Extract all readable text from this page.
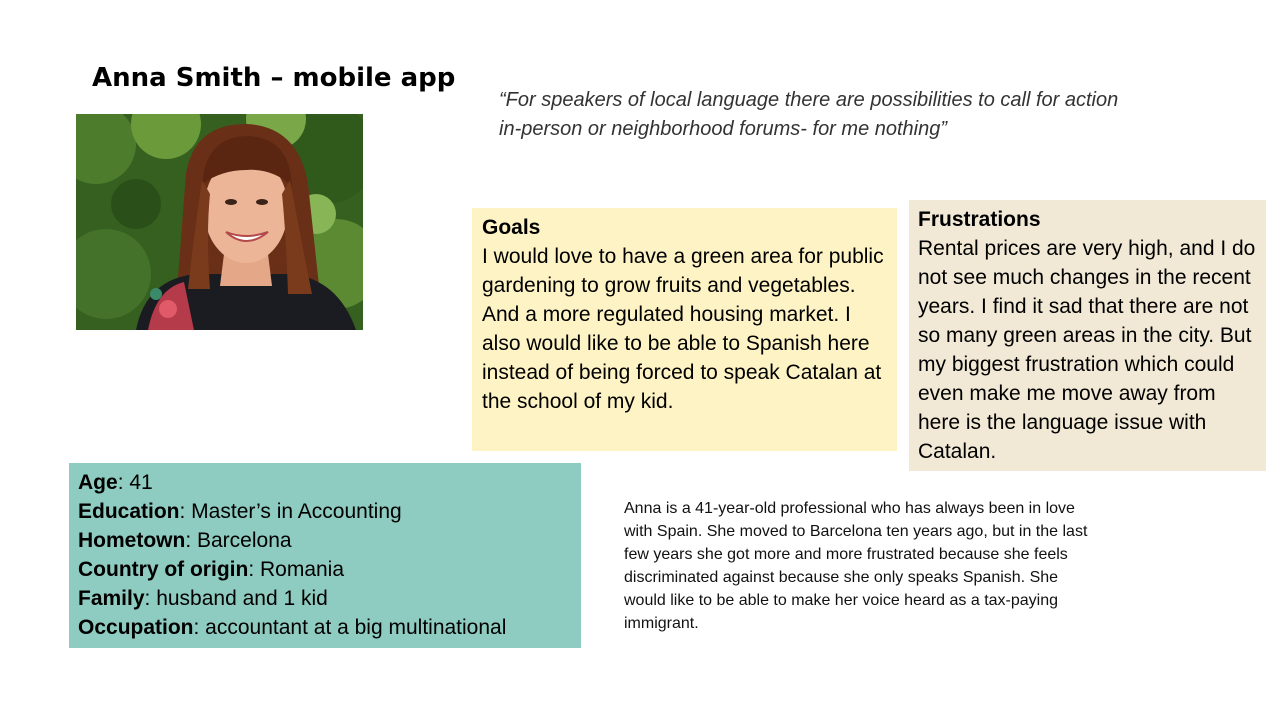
Anna Smith – mobile app
“For speakers of local language there are possibilities to call for action in-person or neighborhood forums- for me nothing”
Goals
I would love to have a green area for public gardening to grow fruits and vegetables. And a more regulated housing market. I also would like to be able to Spanish here instead of being forced to speak Catalan at the school of my kid.
Frustrations
Rental prices are very high, and I do not see much changes in the recent years. I find it sad that there are not so many green areas in the city. But my biggest frustration which could even make me move away from here is the language issue with Catalan.
Age: 41
Education: Master’s in Accounting
Hometown: Barcelona
Country of origin: Romania
Family: husband and 1 kid
Occupation: accountant at a big multinational
Anna is a 41-year-old professional who has always been in love with Spain. She moved to Barcelona ten years ago, but in the last few years she got more and more frustrated because she feels discriminated against because she only speaks Spanish. She would like to be able to make her voice heard as a tax-paying immigrant.
